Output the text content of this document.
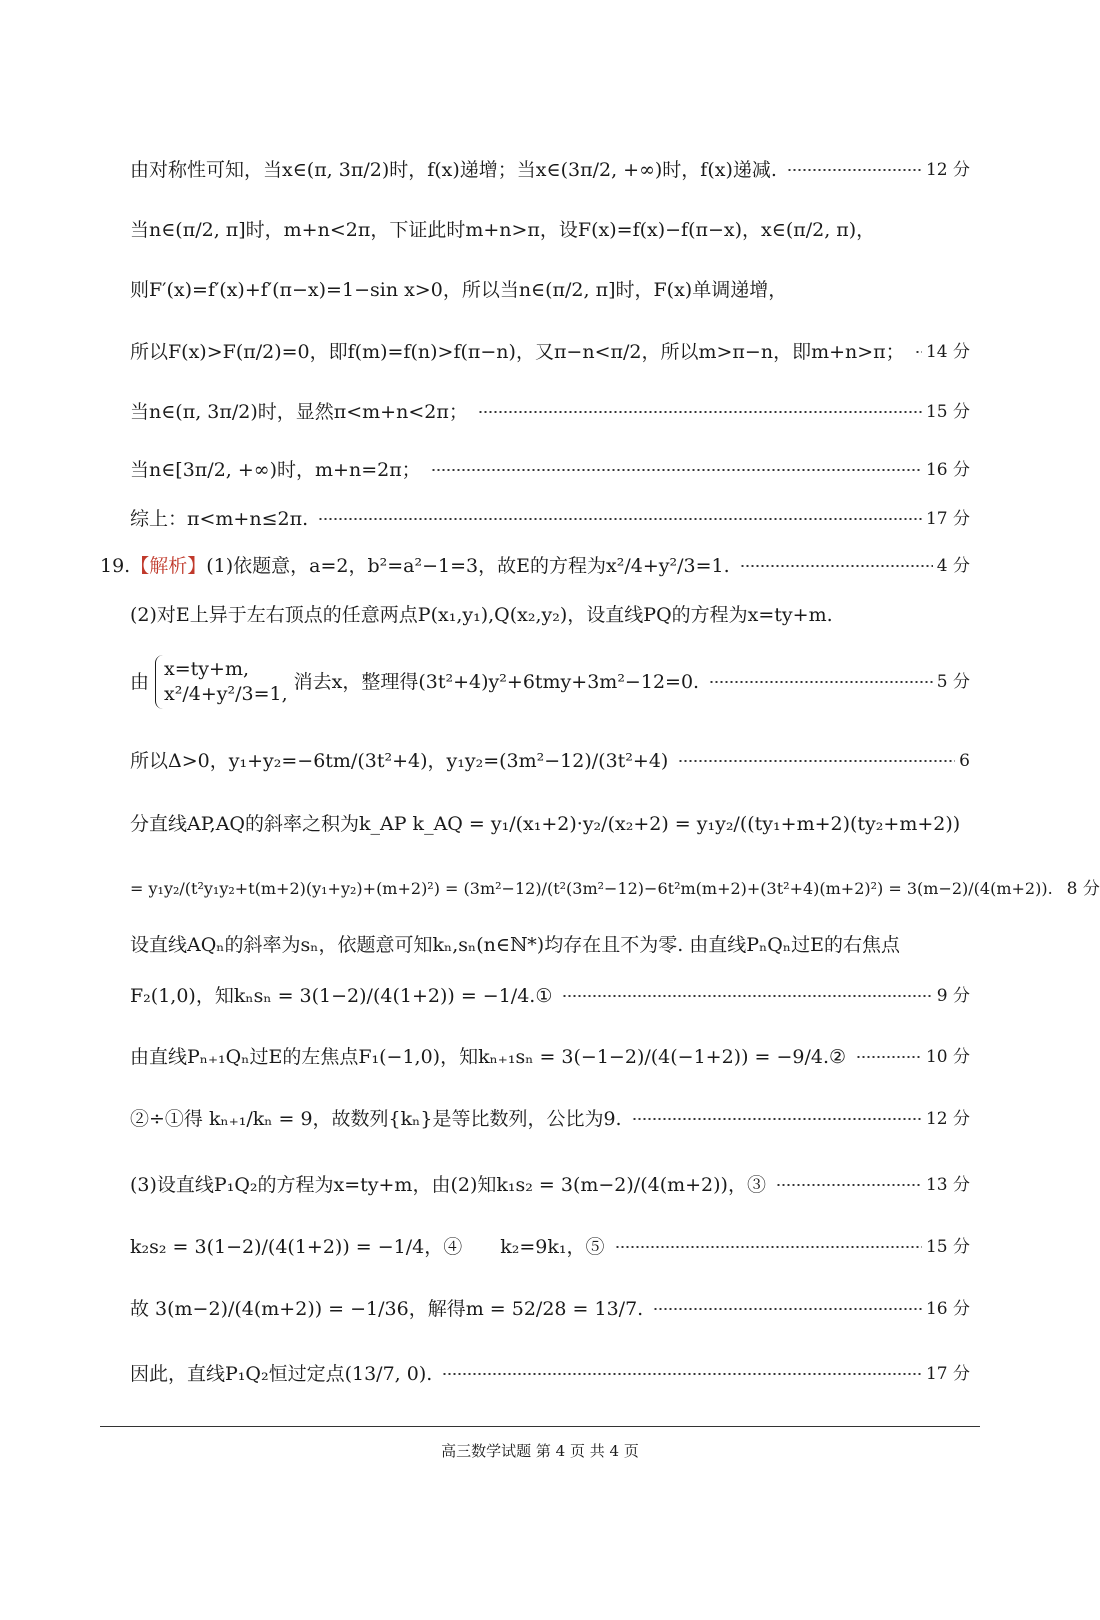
由对称性可知，当x∈(π, 3π/2)时，f(x)递增；当x∈(3π/2, +∞)时，f(x)递减.	12 分
当n∈(π/2, π]时，m+n<2π，下证此时m+n>π，设F(x)=f(x)−f(π−x)，x∈(π/2, π)，
则F′(x)=f′(x)+f′(π−x)=1−sin x>0，所以当n∈(π/2, π]时，F(x)单调递增，
所以F(x)>F(π/2)=0，即f(m)=f(n)>f(π−n)，又π−n<π/2，所以m>π−n，即m+n>π； 14 分
当n∈(π, 3π/2)时，显然π<m+n<2π；	15 分
当n∈[3π/2, +∞)时，m+n=2π；	16 分
综上：π<m+n≤2π.	17 分
19. 【解析】 (1)依题意，a=2，b²=a²−1=3，故E的方程为x²/4+y²/3=1.	4 分
(2)对E上异于左右顶点的任意两点P(x₁,y₁),Q(x₂,y₂)，设直线PQ的方程为x=ty+m.
由
x=ty+m,
x²/4+y²/3=1,
消去x，整理得(3t²+4)y²+6tmy+3m²−12=0.	5 分
所以Δ>0，y₁+y₂=−6tm/(3t²+4)，y₁y₂=(3m²−12)/(3t²+4)	6
分直线AP,AQ的斜率之积为k_AP k_AQ = y₁/(x₁+2)·y₂/(x₂+2) = y₁y₂/((ty₁+m+2)(ty₂+m+2))
= y₁y₂/(t²y₁y₂+t(m+2)(y₁+y₂)+(m+2)²) = (3m²−12)/(t²(3m²−12)−6t²m(m+2)+(3t²+4)(m+2)²) = 3(m−2)/(4(m+2)). 8 分
设直线AQₙ的斜率为sₙ，依题意可知kₙ,sₙ(n∈ℕ*)均存在且不为零. 由直线PₙQₙ过E的右焦点
F₂(1,0)，知kₙsₙ = 3(1−2)/(4(1+2)) = −1/4.①	9 分
由直线Pₙ₊₁Qₙ过E的左焦点F₁(−1,0)，知kₙ₊₁sₙ = 3(−1−2)/(4(−1+2)) = −9/4.②	10 分
②÷①得 kₙ₊₁/kₙ = 9，故数列{kₙ}是等比数列，公比为9.	12 分
(3)设直线P₁Q₂的方程为x=ty+m，由(2)知k₁s₂ = 3(m−2)/(4(m+2))，③	13 分
k₂s₂ = 3(1−2)/(4(1+2)) = −1/4，④　　k₂=9k₁，⑤	15 分
故 3(m−2)/(4(m+2)) = −1/36，解得m = 52/28 = 13/7.	16 分
因此，直线P₁Q₂恒过定点(13/7, 0).	17 分
高三数学试题 第 4 页 共 4 页
